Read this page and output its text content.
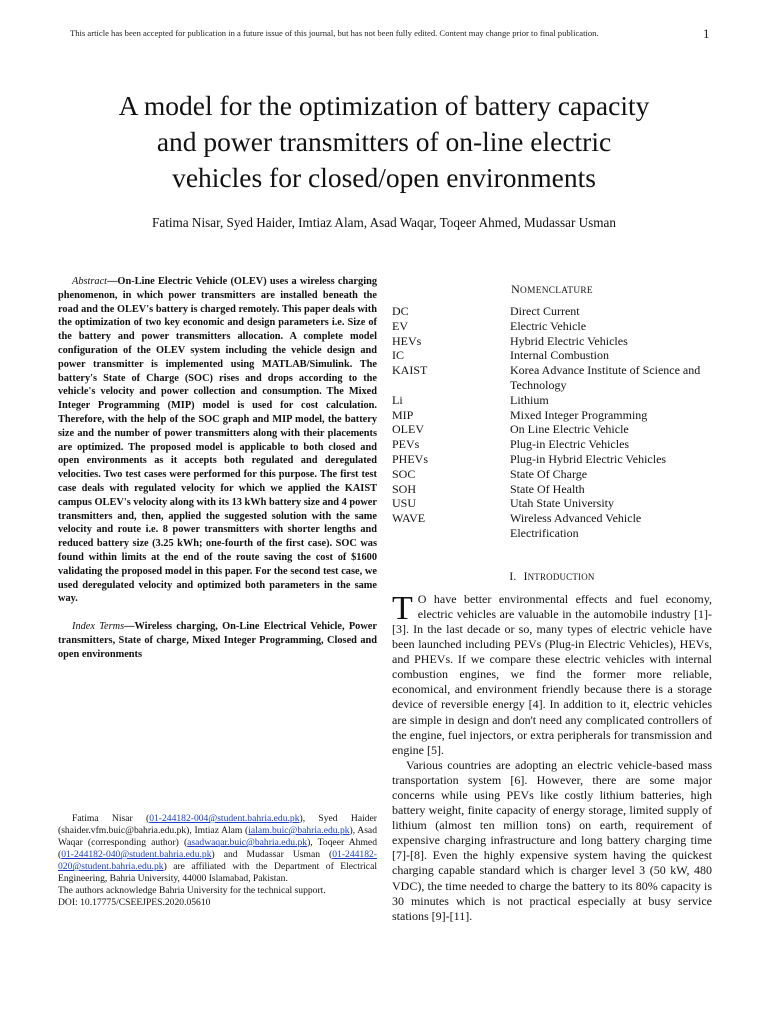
This article has been accepted for publication in a future issue of this journal, but has not been fully edited. Content may change prior to final publication.	1
A model for the optimization of battery capacity
and power transmitters of on-line electric
vehicles for closed/open environments
Fatima Nisar, Syed Haider, Imtiaz Alam, Asad Waqar, Toqeer Ahmed, Mudassar Usman

Abstract—On-Line Electric Vehicle (OLEV) uses a wireless charging phenomenon, in which power transmitters are installed beneath the road and the OLEV's battery is charged remotely. This paper deals with the optimization of two key economic and design parameters i.e. Size of the battery and power transmitters allocation. A complete model configuration of the OLEV system including the vehicle design and power transmitter is implemented using MATLAB/Simulink. The battery's State of Charge (SOC) rises and drops according to the vehicle's velocity and power collection and consumption. The Mixed Integer Programming (MIP) model is used for cost calculation. Therefore, with the help of the SOC graph and MIP model, the battery size and the number of power transmitters along with their placements are optimized. The proposed model is applicable to both closed and open environments as it accepts both regulated and deregulated velocities. Two test cases were performed for this purpose. The first test case deals with regulated velocity for which we applied the KAIST campus OLEV's velocity along with its 13 kWh battery size and 4 power transmitters and, then, applied the suggested solution with the same velocity and route i.e. 8 power transmitters with shorter lengths and reduced battery size (3.25 kWh; one-fourth of the first case). SOC was found within limits at the end of the route saving the cost of $1600 validating the proposed model in this paper. For the second test case, we used deregulated velocity and optimized both parameters in the same way.

Index Terms—Wireless charging, On-Line Electrical Vehicle, Power transmitters, State of charge, Mixed Integer Programming, Closed and open environments

Fatima Nisar (01-244182-004@student.bahria.edu.pk), Syed Haider (shaider.vfm.buic@bahria.edu.pk), Imtiaz Alam (ialam.buic@bahria.edu.pk), Asad Waqar (corresponding author) (asadwaqar.buic@bahria.edu.pk), Toqeer Ahmed (01-244182-040@student.bahria.edu.pk) and Mudassar Usman (01-244182-020@student.bahria.edu.pk) are affiliated with the Department of Electrical Engineering, Bahria University, 44000 Islamabad, Pakistan.

The authors acknowledge Bahria University for the technical support.

DOI: 10.17775/CSEEJPES.2020.05610

NOMENCLATURE
DC	Direct Current
EV	Electric Vehicle
HEVs	Hybrid Electric Vehicles
IC	Internal Combustion
KAIST	Korea Advance Institute of Science and Technology
Li	Lithium
MIP	Mixed Integer Programming
OLEV	On Line Electric Vehicle
PEVs	Plug-in Electric Vehicles
PHEVs	Plug-in Hybrid Electric Vehicles
SOC	State Of Charge
SOH	State Of Health
USU	Utah State University
WAVE	Wireless Advanced Vehicle Electrification
I. INTRODUCTION

T O have better environmental effects and fuel economy, electric vehicles are valuable in the automobile industry [1]-[3]. In the last decade or so, many types of electric vehicle have been launched including PEVs (Plug-in Electric Vehicles), HEVs, and PHEVs. If we compare these electric vehicles with internal combustion engines, we find the former more reliable, economical, and environment friendly because there is a storage device of reversible energy [4]. In addition to it, electric vehicles are simple in design and don't need any complicated controllers of the engine, fuel injectors, or extra peripherals for transmission and engine [5].

Various countries are adopting an electric vehicle-based mass transportation system [6]. However, there are some major concerns while using PEVs like costly lithium batteries, high battery weight, finite capacity of energy storage, limited supply of lithium (almost ten million tons) on earth, requirement of expensive charging infrastructure and long battery charging time [7]-[8]. Even the highly expensive system having the quickest charging capable standard which is charger level 3 (50 kW, 480 VDC), the time needed to charge the battery to its 80% capacity is 30 minutes which is not practical especially at busy service stations [9]-[11].
